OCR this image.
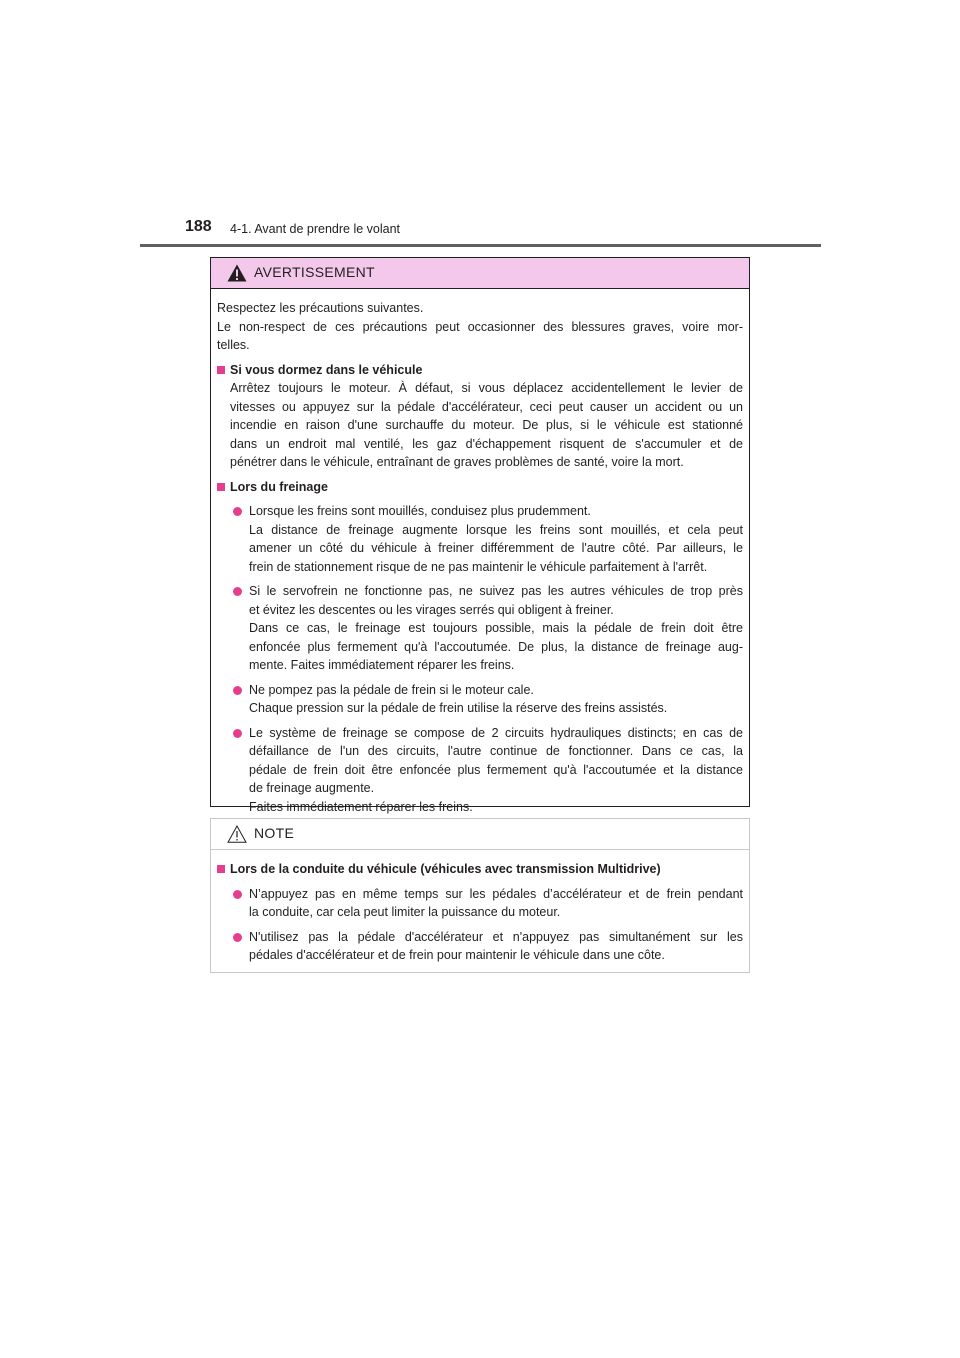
188 4-1. Avant de prendre le volant
AVERTISSEMENT

Respectez les précautions suivantes.

Le non-respect de ces précautions peut occasionner des blessures graves, voire mor-

telles.

Si vous dormez dans le véhicule
Arrêtez toujours le moteur. À défaut, si vous déplacez accidentellement le levier de
vitesses ou appuyez sur la pédale d'accélérateur, ceci peut causer un accident ou un
incendie en raison d'une surchauffe du moteur. De plus, si le véhicule est stationné
dans un endroit mal ventilé, les gaz d'échappement risquent de s'accumuler et de
pénétrer dans le véhicule, entraînant de graves problèmes de santé, voire la mort.
Lors du freinage
Lorsque les freins sont mouillés, conduisez plus prudemment.
La distance de freinage augmente lorsque les freins sont mouillés, et cela peut
amener un côté du véhicule à freiner différemment de l'autre côté. Par ailleurs, le
frein de stationnement risque de ne pas maintenir le véhicule parfaitement à l'arrêt.
Si le servofrein ne fonctionne pas, ne suivez pas les autres véhicules de trop près
et évitez les descentes ou les virages serrés qui obligent à freiner.
Dans ce cas, le freinage est toujours possible, mais la pédale de frein doit être
enfoncée plus fermement qu'à l'accoutumée. De plus, la distance de freinage aug-
mente. Faites immédiatement réparer les freins.
Ne pompez pas la pédale de frein si le moteur cale.
Chaque pression sur la pédale de frein utilise la réserve des freins assistés.
Le système de freinage se compose de 2 circuits hydrauliques distincts; en cas de
défaillance de l'un des circuits, l'autre continue de fonctionner. Dans ce cas, la
pédale de frein doit être enfoncée plus fermement qu'à l'accoutumée et la distance
de freinage augmente.
Faites immédiatement réparer les freins.
NOTE
Lors de la conduite du véhicule (véhicules avec transmission Multidrive)
N’appuyez pas en même temps sur les pédales d’accélérateur et de frein pendant
la conduite, car cela peut limiter la puissance du moteur.
N'utilisez pas la pédale d'accélérateur et n'appuyez pas simultanément sur les
pédales d'accélérateur et de frein pour maintenir le véhicule dans une côte.
